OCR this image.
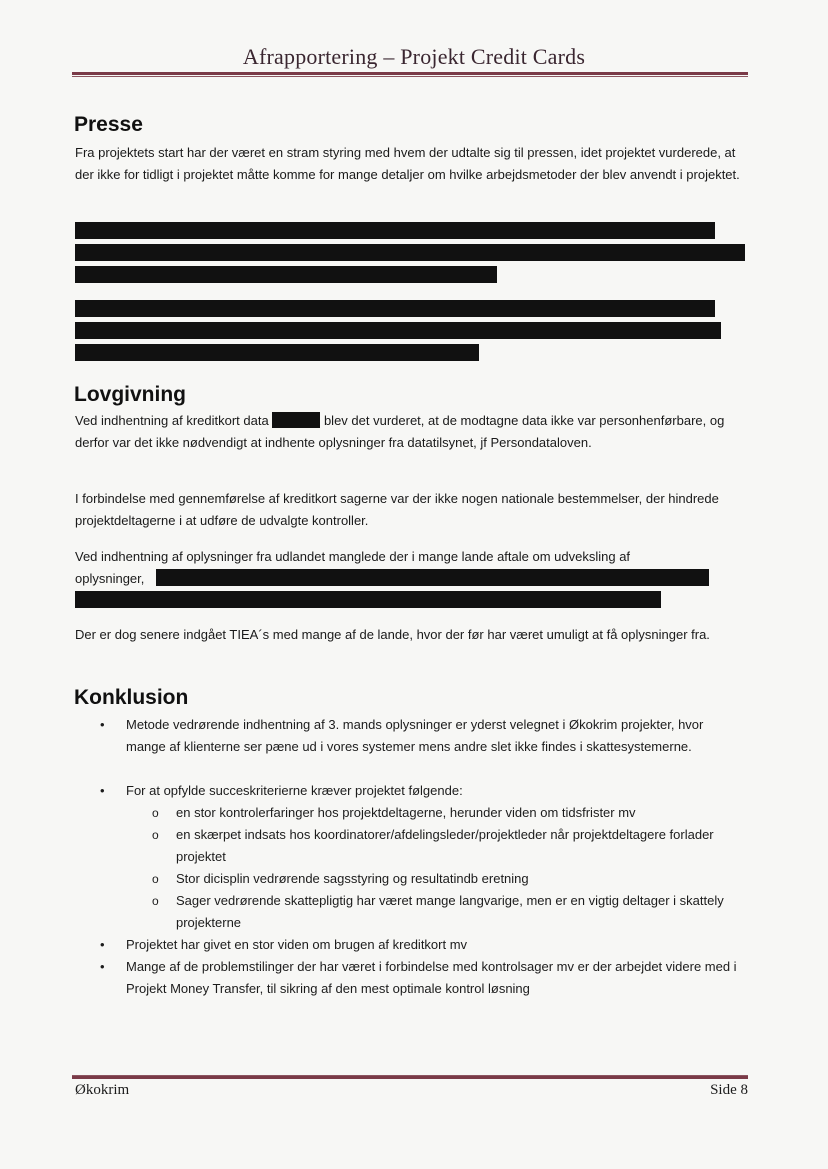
Afrapportering – Projekt Credit Cards
Presse
Fra projektets start har der været en stram styring med hvem der udtalte sig til pressen, idet projektet vurderede, at der ikke for tidligt i projektet måtte komme for mange detaljer om hvilke arbejdsmetoder der blev anvendt i projektet.
Lovgivning
Ved indhentning af kreditkort data	blev det vurderet, at de modtagne data ikke var personhenførbare, og derfor var det ikke nødvendigt at indhente oplysninger fra datatilsynet, jf Persondataloven.
I forbindelse med gennemførelse af kreditkort sagerne var der ikke nogen nationale bestemmelser, der hindrede projektdeltagerne i at udføre de udvalgte kontroller.
Ved indhentning af oplysninger fra udlandet manglede der i mange lande aftale om udveksling af
oplysninger,
Der er dog senere indgået TIEA´s med mange af de lande, hvor der før har været umuligt at få oplysninger fra.
Konklusion
•	Metode vedrørende indhentning af 3. mands oplysninger er yderst velegnet i Økokrim projekter, hvor mange af klienterne ser pæne ud i vores systemer mens andre slet ikke findes i skattesystemerne.
•	For at opfylde succeskriterierne kræver projektet følgende:
o en stor kontrolerfaringer hos projektdeltagerne, herunder viden om tidsfrister mv
o en skærpet indsats hos koordinatorer/afdelingsleder/projektleder når projektdeltagere forlader projektet
o Stor dicisplin vedrørende sagsstyring og resultatindb eretning
o Sager vedrørende skattepligtig har været mange langvarige, men er en vigtig deltager i skattely projekterne
•	Projektet har givet en stor viden om brugen af kreditkort mv
•	Mange af de problemstilinger der har været i forbindelse med kontrolsager mv er der arbejdet videre med i Projekt Money Transfer, til sikring af den mest optimale kontrol løsning
Økokrim	Side 8
